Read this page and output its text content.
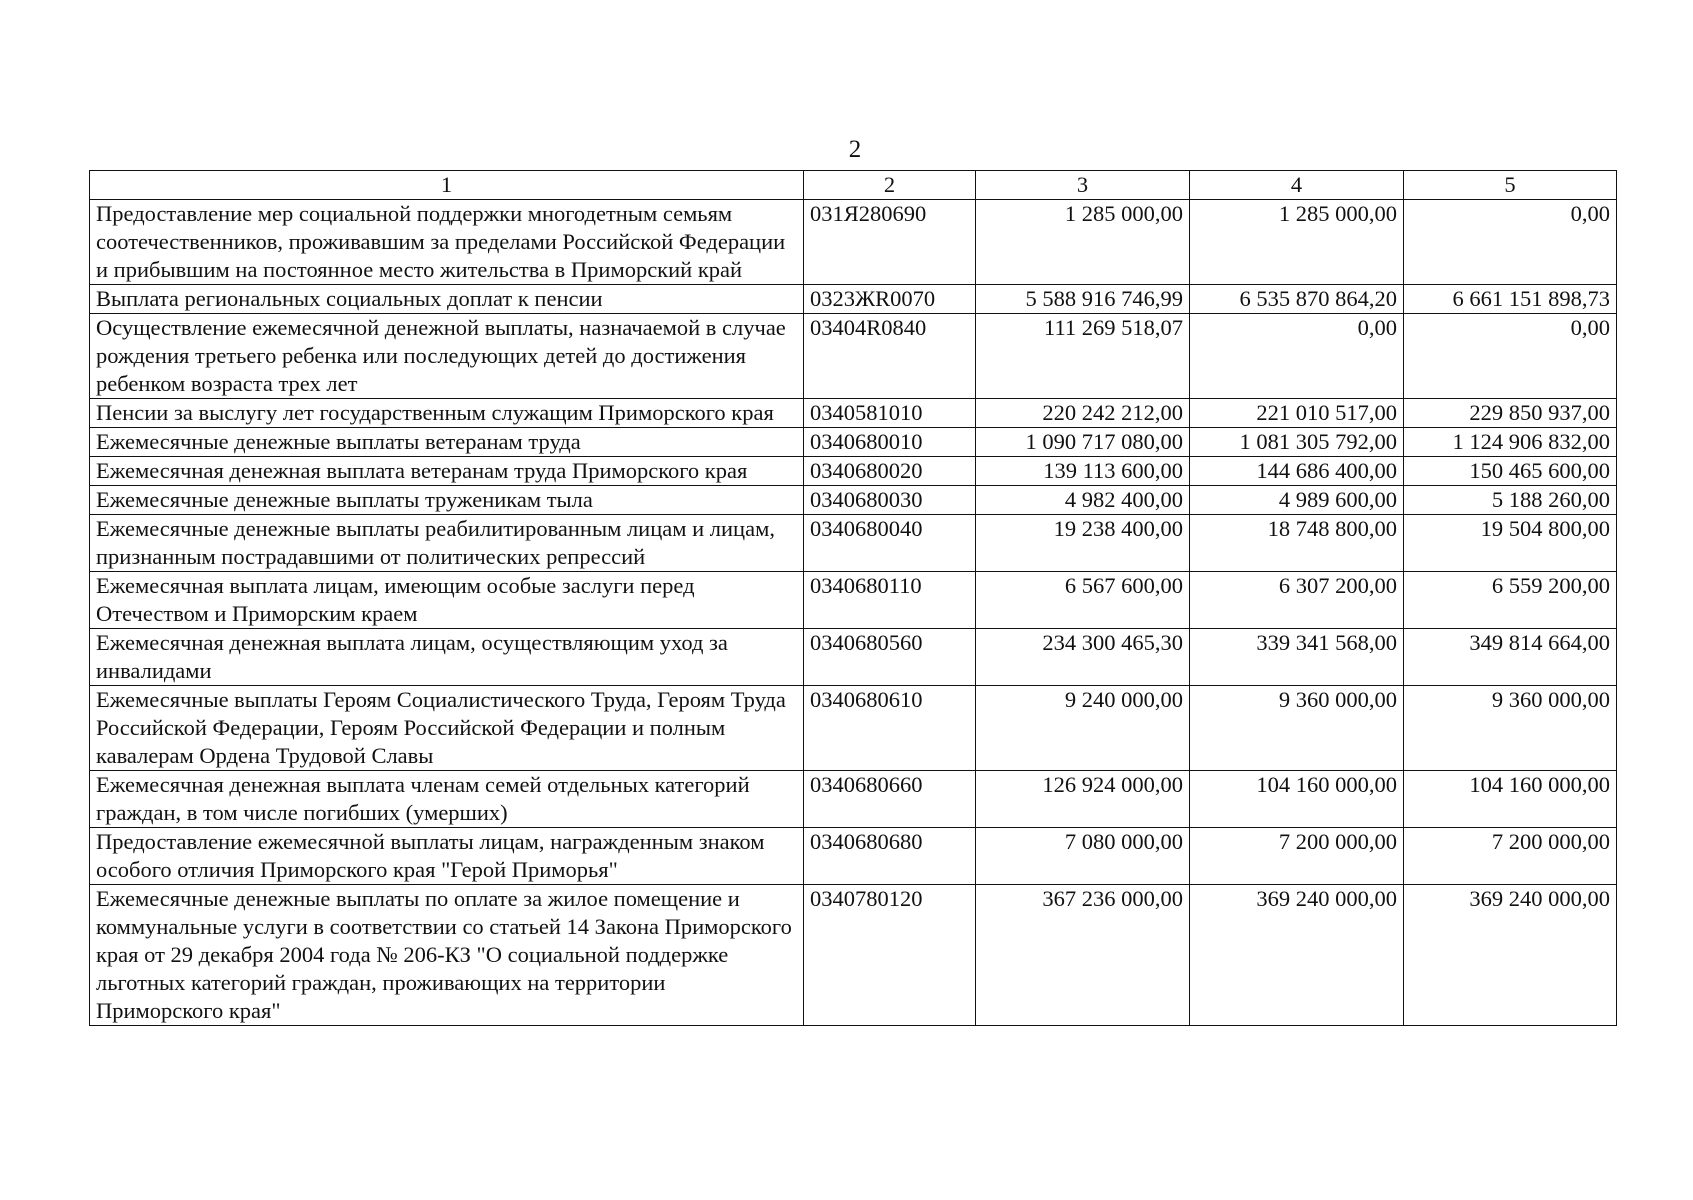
2
1	2	3	4	5
Предоставление мер социальной поддержки многодетным семьям соотечественников, проживавшим за пределами Российской Федерации и прибывшим на постоянное место жительства в Приморский край	031Я280690	1 285 000,00	1 285 000,00	0,00
Выплата региональных социальных доплат к пенсии	0323ЖR0070	5 588 916 746,99	6 535 870 864,20	6 661 151 898,73
Осуществление ежемесячной денежной выплаты, назначаемой в случае рождения третьего ребенка или последующих детей до достижения ребенком возраста трех лет	03404R0840	111 269 518,07	0,00	0,00
Пенсии за выслугу лет государственным служащим Приморского края	0340581010	220 242 212,00	221 010 517,00	229 850 937,00
Ежемесячные денежные выплаты ветеранам труда	0340680010	1 090 717 080,00	1 081 305 792,00	1 124 906 832,00
Ежемесячная денежная выплата ветеранам труда Приморского края	0340680020	139 113 600,00	144 686 400,00	150 465 600,00
Ежемесячные денежные выплаты труженикам тыла	0340680030	4 982 400,00	4 989 600,00	5 188 260,00
Ежемесячные денежные выплаты реабилитированным лицам и лицам, признанным пострадавшими от политических репрессий	0340680040	19 238 400,00	18 748 800,00	19 504 800,00
Ежемесячная выплата лицам, имеющим особые заслуги перед Отечеством и Приморским краем	0340680110	6 567 600,00	6 307 200,00	6 559 200,00
Ежемесячная денежная выплата лицам, осуществляющим уход за инвалидами	0340680560	234 300 465,30	339 341 568,00	349 814 664,00
Ежемесячные выплаты Героям Социалистического Труда, Героям Труда Российской Федерации, Героям Российской Федерации и полным кавалерам Ордена Трудовой Славы	0340680610	9 240 000,00	9 360 000,00	9 360 000,00
Ежемесячная денежная выплата членам семей отдельных категорий граждан, в том числе погибших (умерших)	0340680660	126 924 000,00	104 160 000,00	104 160 000,00
Предоставление ежемесячной выплаты лицам, награжденным знаком особого отличия Приморского края "Герой Приморья"	0340680680	7 080 000,00	7 200 000,00	7 200 000,00
Ежемесячные денежные выплаты по оплате за жилое помещение и коммунальные услуги в соответствии со статьей 14 Закона Приморского края от 29 декабря 2004 года № 206-КЗ "О социальной поддержке льготных категорий граждан, проживающих на территории Приморского края"	0340780120	367 236 000,00	369 240 000,00	369 240 000,00
